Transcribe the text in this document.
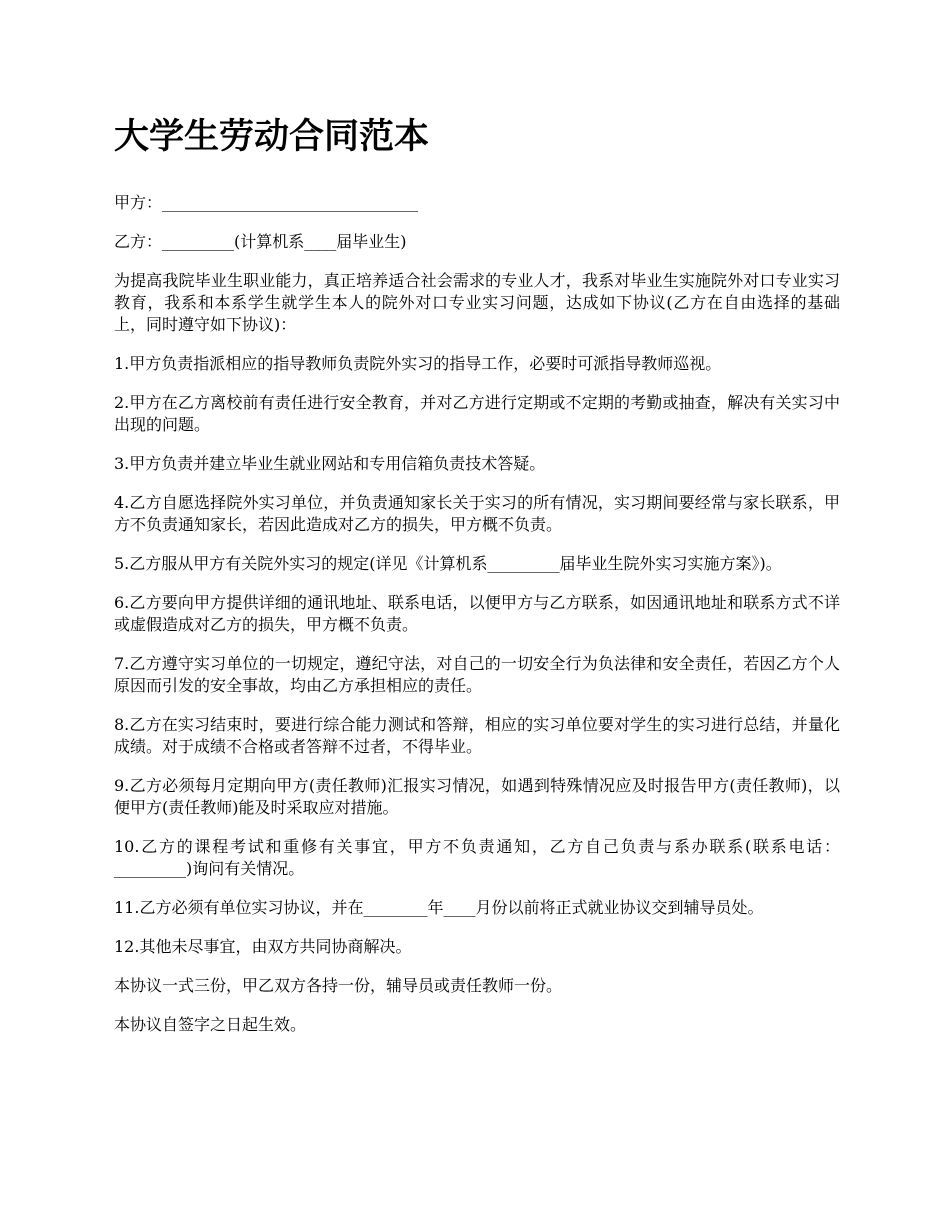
大学生劳动合同范本

甲方：________________________________

乙方：_________(计算机系____届毕业生)

为提高我院毕业生职业能力，真正培养适合社会需求的专业人才，我系对毕业生实施院外对口专业实习教育，我系和本系学生就学生本人的院外对口专业实习问题，达成如下协议(乙方在自由选择的基础上，同时遵守如下协议)：

1.甲方负责指派相应的指导教师负责院外实习的指导工作，必要时可派指导教师巡视。

2.甲方在乙方离校前有责任进行安全教育，并对乙方进行定期或不定期的考勤或抽查，解决有关实习中出现的问题。

3.甲方负责并建立毕业生就业网站和专用信箱负责技术答疑。

4.乙方自愿选择院外实习单位，并负责通知家长关于实习的所有情况，实习期间要经常与家长联系，甲方不负责通知家长，若因此造成对乙方的损失，甲方概不负责。

5.乙方服从甲方有关院外实习的规定(详见《计算机系_________届毕业生院外实习实施方案》)。

6.乙方要向甲方提供详细的通讯地址、联系电话，以便甲方与乙方联系，如因通讯地址和联系方式不详或虚假造成对乙方的损失，甲方概不负责。

7.乙方遵守实习单位的一切规定，遵纪守法，对自己的一切安全行为负法律和安全责任，若因乙方个人原因而引发的安全事故，均由乙方承担相应的责任。

8.乙方在实习结束时，要进行综合能力测试和答辩，相应的实习单位要对学生的实习进行总结，并量化成绩。对于成绩不合格或者答辩不过者，不得毕业。

9.乙方必须每月定期向甲方(责任教师)汇报实习情况，如遇到特殊情况应及时报告甲方(责任教师)，以便甲方(责任教师)能及时采取应对措施。

10.乙方的课程考试和重修有关事宜，甲方不负责通知，乙方自己负责与系办联系(联系电话：_________)询问有关情况。

11.乙方必须有单位实习协议，并在________年____月份以前将正式就业协议交到辅导员处。

12.其他未尽事宜，由双方共同协商解决。

本协议一式三份，甲乙双方各持一份，辅导员或责任教师一份。

本协议自签字之日起生效。
